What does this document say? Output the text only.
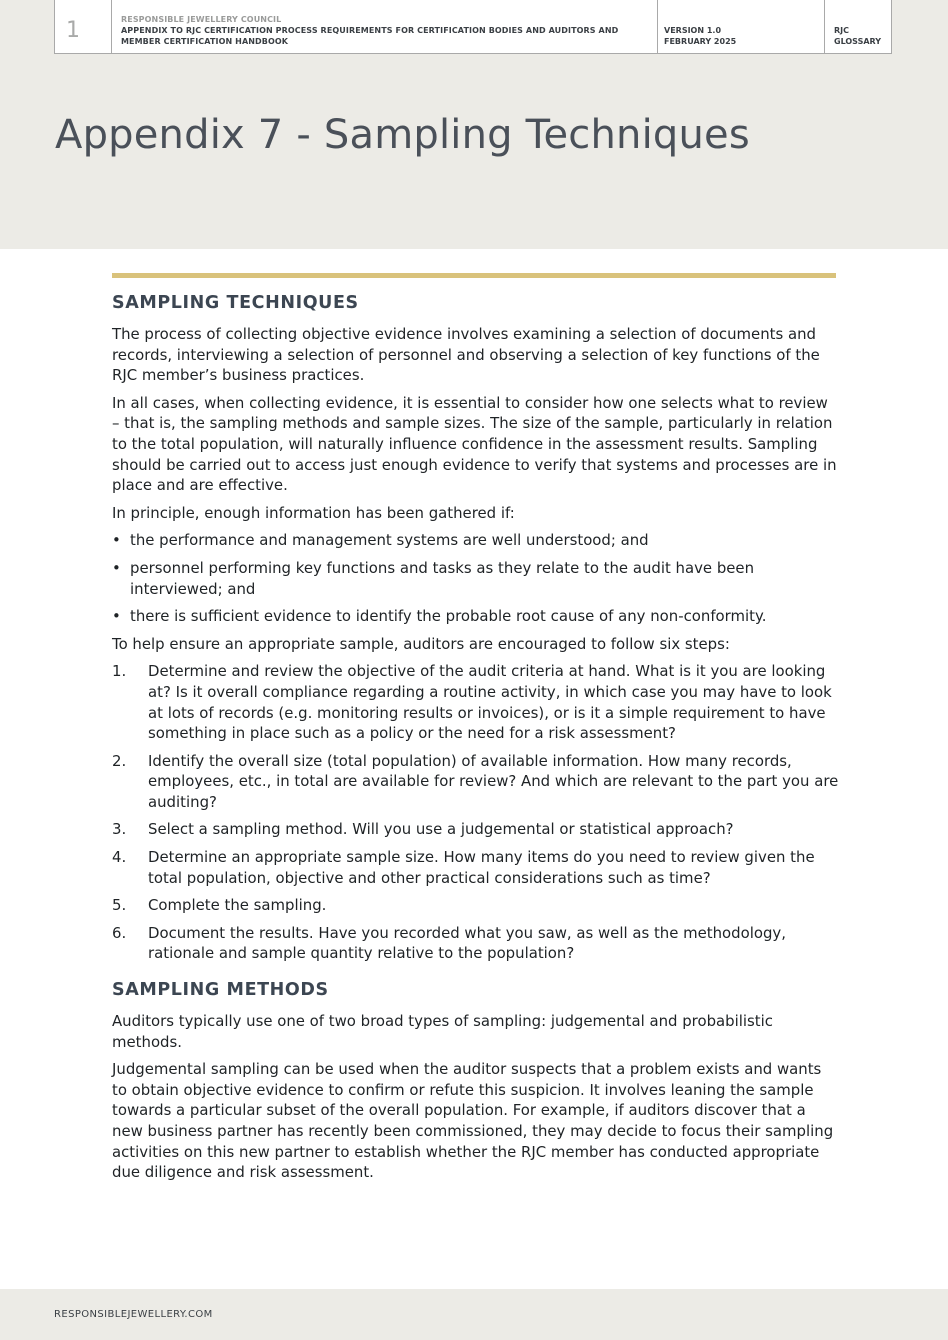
1	RESPONSIBLE JEWELLERY COUNCIL
APPENDIX TO RJC CERTIFICATION PROCESS REQUIREMENTS FOR CERTIFICATION BODIES AND AUDITORS AND MEMBER CERTIFICATION HANDBOOK
VERSION 1.0
FEBRUARY 2025
RJC
GLOSSARY
Appendix 7 - Sampling Techniques
SAMPLING TECHNIQUES

The process of collecting objective evidence involves examining a selection of documents and records, interviewing a selection of personnel and observing a selection of key functions of the RJC member’s business practices.

In all cases, when collecting evidence, it is essential to consider how one selects what to review – that is, the sampling methods and sample sizes. The size of the sample, particularly in relation to the total population, will naturally influence confidence in the assessment results. Sampling should be carried out to access just enough evidence to verify that systems and processes are in place and are effective.

In principle, enough information has been gathered if:

• the performance and management systems are well understood; and
• personnel performing key functions and tasks as they relate to the audit have been interviewed; and
• there is sufficient evidence to identify the probable root cause of any non-conformity.

To help ensure an appropriate sample, auditors are encouraged to follow six steps:

1. Determine and review the objective of the audit criteria at hand. What is it you are looking at? Is it overall compliance regarding a routine activity, in which case you may have to look at lots of records (e.g. monitoring results or invoices), or is it a simple requirement to have something in place such as a policy or the need for a risk assessment?
2. Identify the overall size (total population) of available information. How many records, employees, etc., in total are available for review? And which are relevant to the part you are auditing?
3. Select a sampling method. Will you use a judgemental or statistical approach?
4. Determine an appropriate sample size. How many items do you need to review given the total population, objective and other practical considerations such as time?
5. Complete the sampling.
6. Document the results. Have you recorded what you saw, as well as the methodology, rationale and sample quantity relative to the population?
SAMPLING METHODS

Auditors typically use one of two broad types of sampling: judgemental and probabilistic methods.

Judgemental sampling can be used when the auditor suspects that a problem exists and wants to obtain objective evidence to confirm or refute this suspicion. It involves leaning the sample towards a particular subset of the overall population. For example, if auditors discover that a new business partner has recently been commissioned, they may decide to focus their sampling activities on this new partner to establish whether the RJC member has conducted appropriate due diligence and risk assessment.

RESPONSIBLEJEWELLERY.COM
